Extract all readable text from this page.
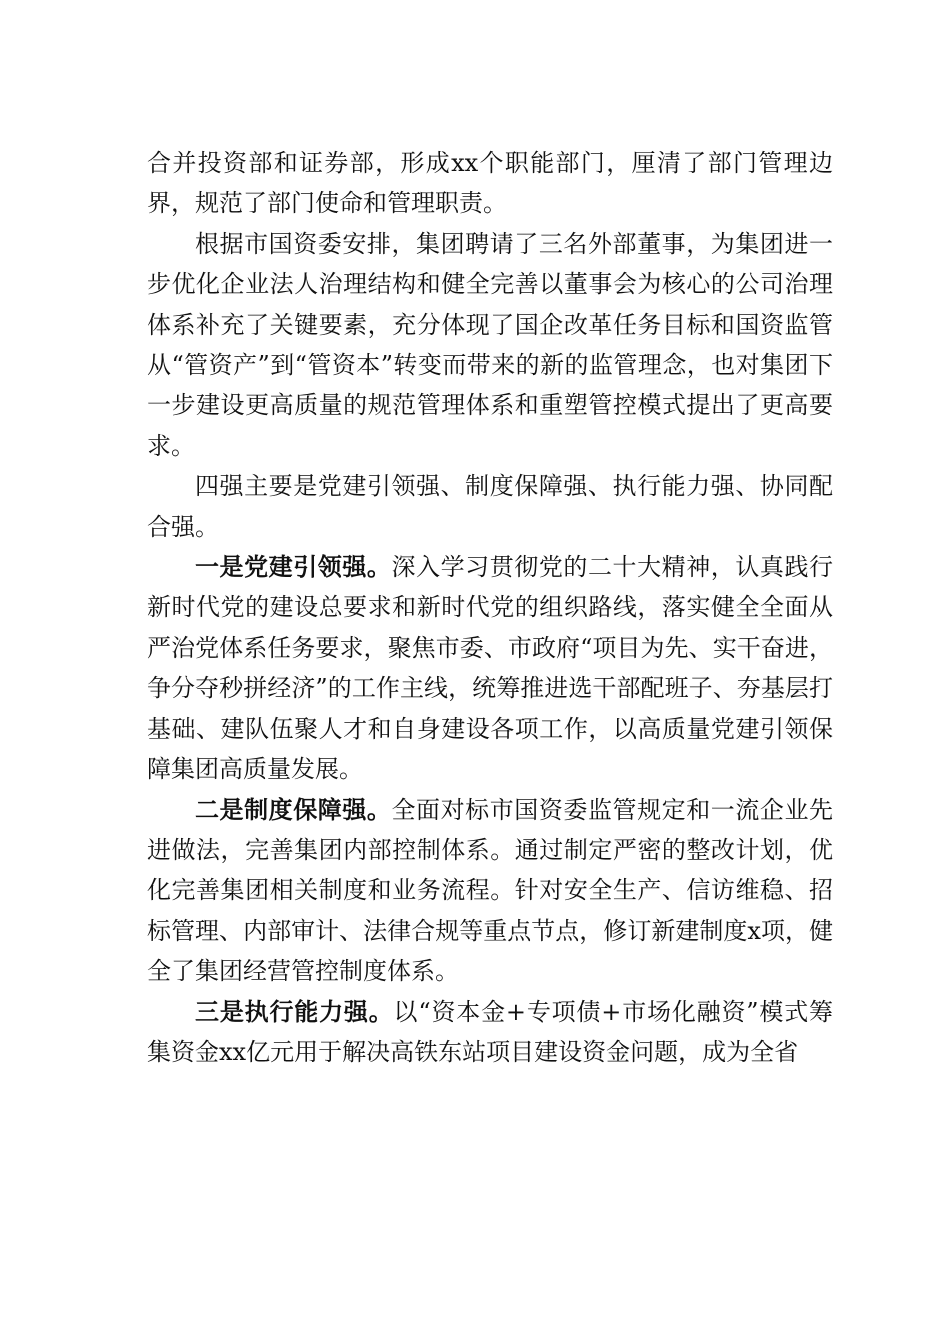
合并投资部和证券部，形成xx个职能部门，厘清了部门管理边界，规范了部门使命和管理职责。

根据市国资委安排，集团聘请了三名外部董事，为集团进一步优化企业法人治理结构和健全完善以董事会为核心的公司治理体系补充了关键要素，充分体现了国企改革任务目标和国资监管从“管资产”到“管资本”转变而带来的新的监管理念，也对集团下一步建设更高质量的规范管理体系和重塑管控模式提出了更高要求。

四强主要是党建引领强、制度保障强、执行能力强、协同配合强。

一是党建引领强。深入学习贯彻党的二十大精神，认真践行新时代党的建设总要求和新时代党的组织路线，落实健全全面从严治党体系任务要求，聚焦市委、市政府“项目为先、实干奋进，争分夺秒拼经济”的工作主线，统筹推进选干部配班子、夯基层打基础、建队伍聚人才和自身建设各项工作，以高质量党建引领保障集团高质量发展。

二是制度保障强。全面对标市国资委监管规定和一流企业先进做法，完善集团内部控制体系。通过制定严密的整改计划，优化完善集团相关制度和业务流程。针对安全生产、信访维稳、招标管理、内部审计、法律合规等重点节点，修订新建制度x项，健全了集团经营管控制度体系。

三是执行能力强。以“资本金+专项债+市场化融资”模式筹集资金xx亿元用于解决高铁东站项目建设资金问题，成为全省
